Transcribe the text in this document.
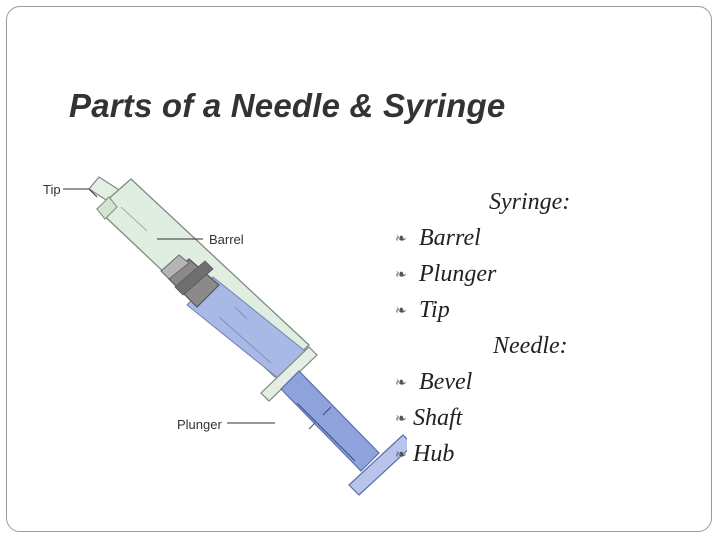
Parts of a Needle & Syringe
Tip
Barrel
Plunger
Syringe:
❧ Barrel
❧ Plunger
❧ Tip
Needle:
❧ Bevel
❧ Shaft
❧ Hub
